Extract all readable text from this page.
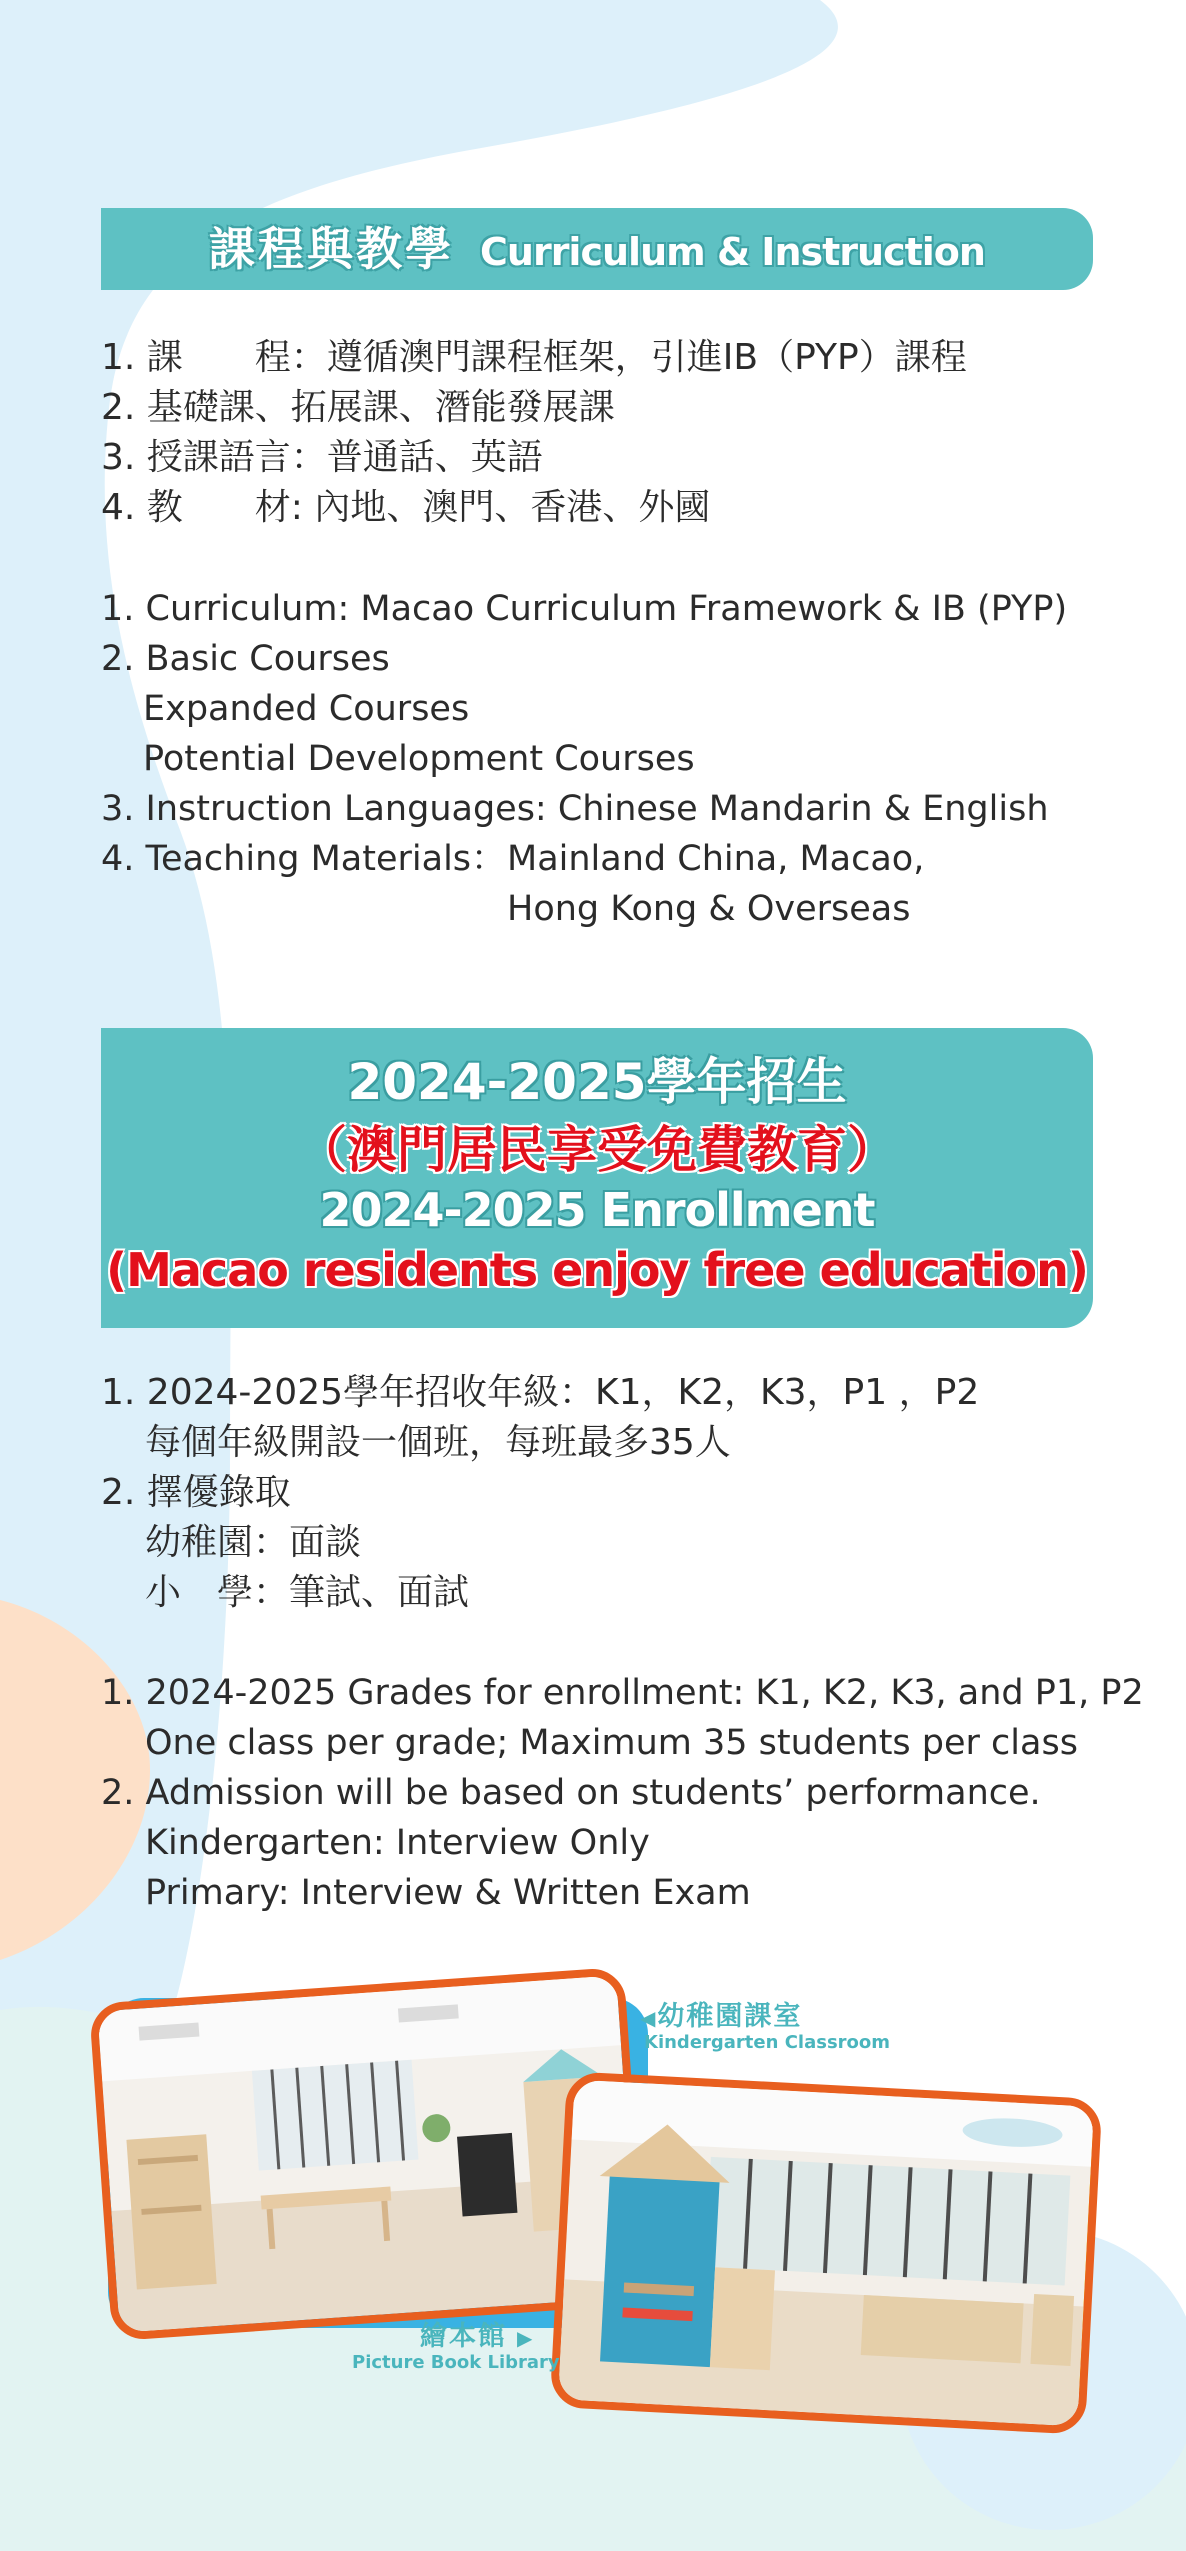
課程與教學 Curriculum & Instruction
1. 課　　程：遵循澳門課程框架，引進IB（PYP）課程
2. 基礎課、拓展課、潛能發展課
3. 授課語言：普通話、英語
4. 教　　材: 內地、澳門、香港、外國
1. Curriculum: Macao Curriculum Framework & IB (PYP)
2. Basic Courses
Expanded Courses
Potential Development Courses
3. Instruction Languages: Chinese Mandarin & English
4. Teaching Materials： Mainland China, Macao,
Hong Kong & Overseas
2024-2025學年招生
（澳門居民享受免費教育）
2024-2025 Enrollment
(Macao residents enjoy free education)
1. 2024-2025學年招收年級：K1，K2，K3，P1 ，P2
每個年級開設一個班，每班最多35人
2. 擇優錄取
幼稚園：面談
小　學：筆試、面試
1. 2024-2025 Grades for enrollment: K1, K2, K3, and P1, P2
One class per grade; Maximum 35 students per class
2. Admission will be based on students’ performance.
Kindergarten: Interview Only
Primary: Interview & Written Exam
◀幼稚園課室
Kindergarten Classroom
繪本館 ▶
Picture Book Library
